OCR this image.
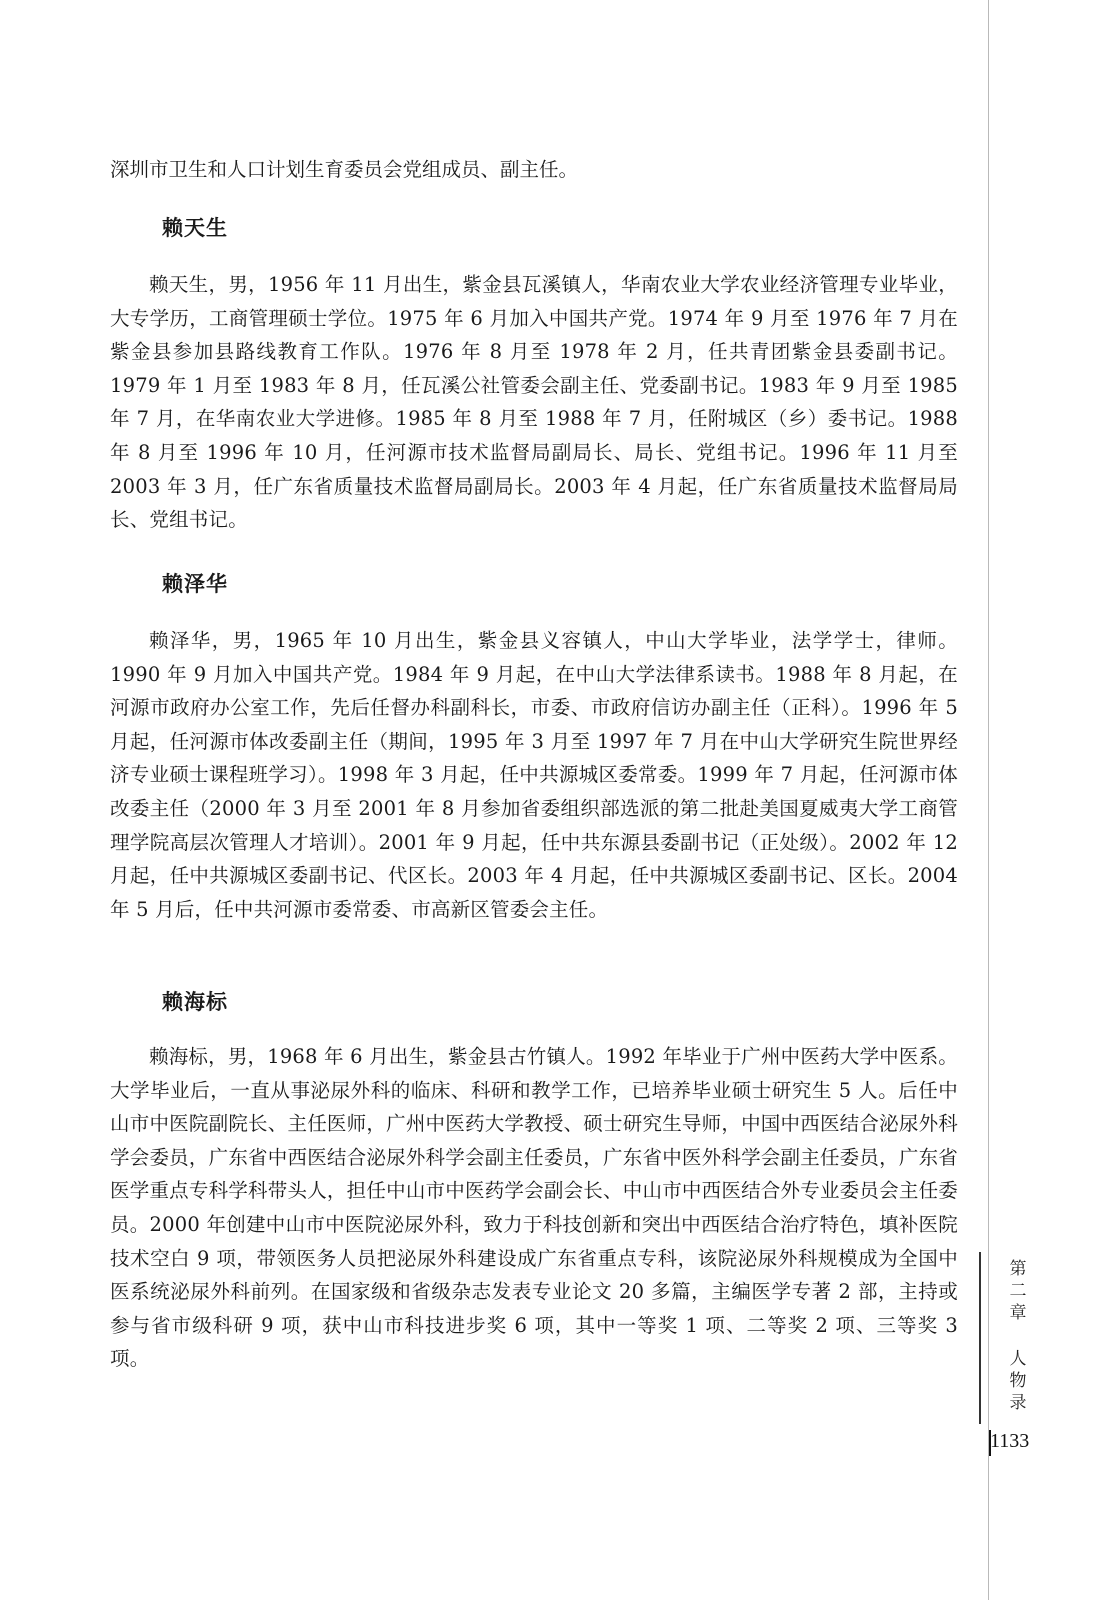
深圳市卫生和人口计划生育委员会党组成员、副主任。
赖天生

赖天生，男，1956 年 11 月出生，紫金县瓦溪镇人，华南农业大学农业经济管理专业毕业，大专学历，工商管理硕士学位。1975 年 6 月加入中国共产党。1974 年 9 月至 1976 年 7 月在紫金县参加县路线教育工作队。1976 年 8 月至 1978 年 2 月，任共青团紫金县委副书记。1979 年 1 月至 1983 年 8 月，任瓦溪公社管委会副主任、党委副书记。1983 年 9 月至 1985 年 7 月，在华南农业大学进修。1985 年 8 月至 1988 年 7 月，任附城区（乡）委书记。1988 年 8 月至 1996 年 10 月，任河源市技术监督局副局长、局长、党组书记。1996 年 11 月至 2003 年 3 月，任广东省质量技术监督局副局长。2003 年 4 月起，任广东省质量技术监督局局长、党组书记。

赖泽华

赖泽华，男，1965 年 10 月出生，紫金县义容镇人，中山大学毕业，法学学士，律师。1990 年 9 月加入中国共产党。1984 年 9 月起，在中山大学法律系读书。1988 年 8 月起，在河源市政府办公室工作，先后任督办科副科长，市委、市政府信访办副主任（正科）。1996 年 5 月起，任河源市体改委副主任（期间，1995 年 3 月至 1997 年 7 月在中山大学研究生院世界经济专业硕士课程班学习）。1998 年 3 月起，任中共源城区委常委。1999 年 7 月起，任河源市体改委主任（2000 年 3 月至 2001 年 8 月参加省委组织部选派的第二批赴美国夏威夷大学工商管理学院高层次管理人才培训）。2001 年 9 月起，任中共东源县委副书记（正处级）。2002 年 12 月起，任中共源城区委副书记、代区长。2003 年 4 月起，任中共源城区委副书记、区长。2004 年 5 月后，任中共河源市委常委、市高新区管委会主任。

赖海标

赖海标，男，1968 年 6 月出生，紫金县古竹镇人。1992 年毕业于广州中医药大学中医系。大学毕业后，一直从事泌尿外科的临床、科研和教学工作，已培养毕业硕士研究生 5 人。后任中山市中医院副院长、主任医师，广州中医药大学教授、硕士研究生导师，中国中西医结合泌尿外科学会委员，广东省中西医结合泌尿外科学会副主任委员，广东省中医外科学会副主任委员，广东省医学重点专科学科带头人，担任中山市中医药学会副会长、中山市中西医结合外专业委员会主任委员。2000 年创建中山市中医院泌尿外科，致力于科技创新和突出中西医结合治疗特色，填补医院技术空白 9 项，带领医务人员把泌尿外科建设成广东省重点专科，该院泌尿外科规模成为全国中医系统泌尿外科前列。在国家级和省级杂志发表专业论文 20 多篇，主编医学专著 2 部，主持或参与省市级科研 9 项，获中山市科技进步奖 6 项，其中一等奖 1 项、二等奖 2 项、三等奖 3 项。

第
二
章
人
物
录
1133
